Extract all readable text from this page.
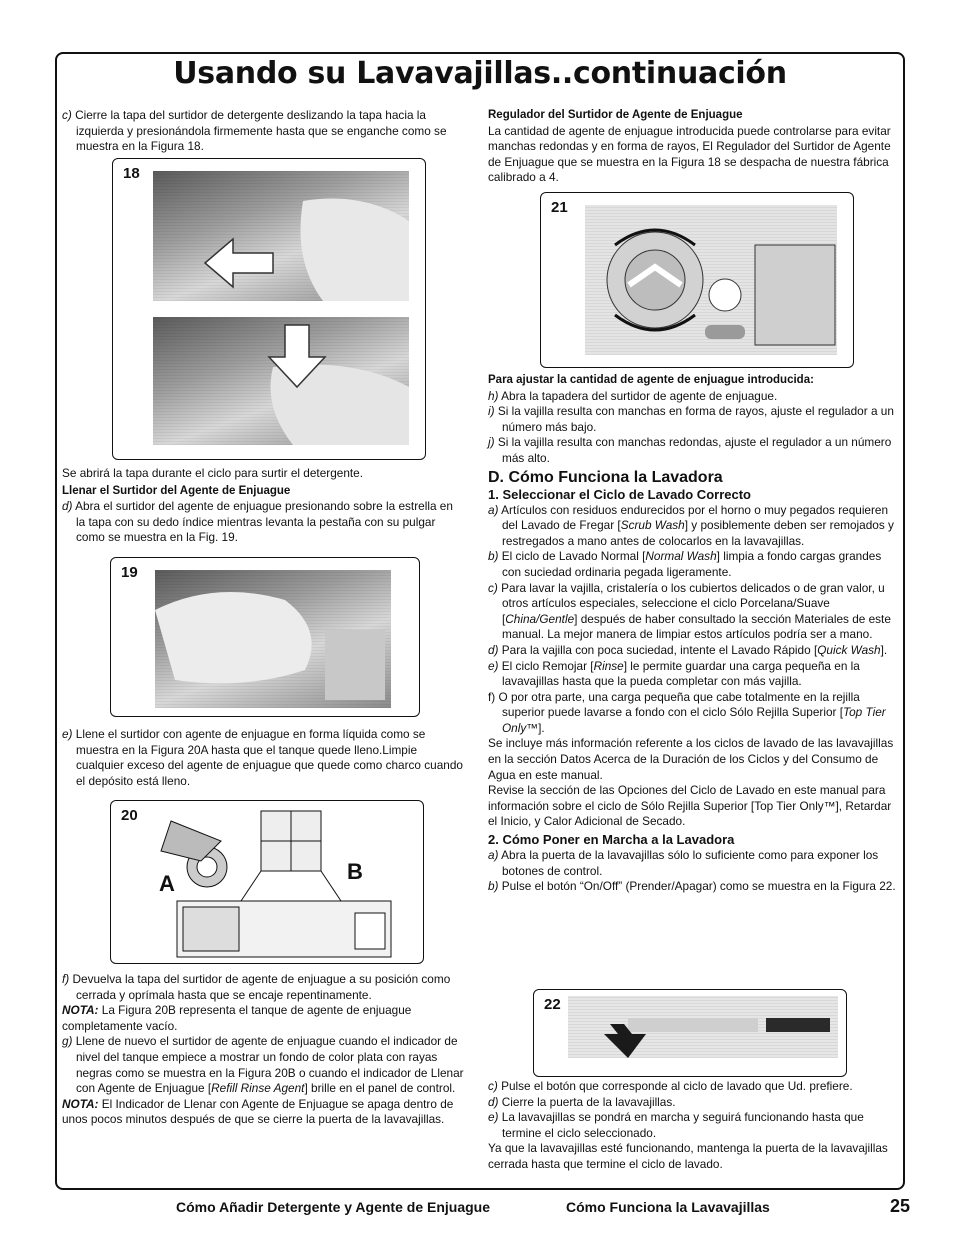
Usando su Lavavajillas..continuación

c) Cierre la tapa del surtidor de detergente deslizando la tapa hacia la izquierda y presionándola firmemente hasta que se enganche como se muestra en la Figura 18.

18

Se abrirá la tapa durante el ciclo para surtir el detergente.

Llenar el Surtidor del Agente de Enjuague

d) Abra el surtidor del agente de enjuague presionando sobre la estrella en la tapa con su dedo índice mientras levanta la pestaña con su pulgar como se muestra en la Fig. 19.

19

e) Llene el surtidor con agente de enjuague en forma líquida como se muestra en la Figura 20A hasta que el tanque quede lleno.Limpie cualquier exceso del agente de enjuague que quede como charco cuando el depósito está lleno.

20
A	B

f) Devuelva la tapa del surtidor de agente de enjuague a su posición como cerrada y oprímala hasta que se encaje repentinamente.

NOTA: La Figura 20B representa el tanque de agente de enjuague completamente vacío.

g) Llene de nuevo el surtidor de agente de enjuague cuando el indicador de nivel del tanque empiece a mostrar un fondo de color plata con rayas negras como se muestra en la Figura 20B o cuando el indicador de Llenar con Agente de Enjuague [Refill Rinse Agent] brille en el panel de control.

NOTA: El Indicador de Llenar con Agente de Enjuague se apaga dentro de unos pocos minutos después de que se cierre la puerta de la lavavajillas.

Regulador del Surtidor de Agente de Enjuague

La cantidad de agente de enjuague introducida puede controlarse para evitar manchas redondas y en forma de rayos, El Regulador del Surtidor de Agente de Enjuague que se muestra en la Figura 18 se despacha de nuestra fábrica calibrado a 4.

21

Para ajustar la cantidad de agente de enjuague introducida:

h) Abra la tapadera del surtidor de agente de enjuague.

i) Si la vajilla resulta con manchas en forma de rayos, ajuste el regulador a un número más bajo.

j) Si la vajilla resulta con manchas redondas, ajuste el regulador a un número más alto.

D. Cómo Funciona la Lavadora

1. Seleccionar el Ciclo de Lavado Correcto

a) Artículos con residuos endurecidos por el horno o muy pegados requieren del Lavado de Fregar [Scrub Wash] y posiblemente deben ser remojados y restregados a mano antes de colocarlos en la lavavajillas.

b) El ciclo de Lavado Normal [Normal Wash] limpia a fondo cargas grandes con suciedad ordinaria pegada ligeramente.

c) Para lavar la vajilla, cristalería o los cubiertos delicados o de gran valor, u otros artículos especiales, seleccione el ciclo Porcelana/Suave [China/Gentle] después de haber consultado la sección Materiales de este manual. La mejor manera de limpiar estos artículos podría ser a mano.

d) Para la vajilla con poca suciedad, intente el Lavado Rápido [Quick Wash].

e) El ciclo Remojar [Rinse] le permite guardar una carga pequeña en la lavavajillas hasta que la pueda completar con más vajilla.

f) O por otra parte, una carga pequeña que cabe totalmente en la rejilla superior puede lavarse a fondo con el ciclo Sólo Rejilla Superior [Top Tier Only™].

Se incluye más información referente a los ciclos de lavado de las lavavajillas en la sección Datos Acerca de la Duración de los Ciclos y del Consumo de Agua en este manual.

Revise la sección de las Opciones del Ciclo de Lavado en este manual para información sobre el ciclo de Sólo Rejilla Superior [Top Tier Only™], Retardar el Inicio, y Calor Adicional de Secado.

2. Cómo Poner en Marcha a la Lavadora

a) Abra la puerta de la lavavajillas sólo lo suficiente como para exponer los botones de control.

b) Pulse el botón “On/Off” (Prender/Apagar) como se muestra en la Figura 22.

22

c) Pulse el botón que corresponde al ciclo de lavado que Ud. prefiere.

d) Cierre la puerta de la lavavajillas.

e) La lavavajillas se pondrá en marcha y seguirá funcionando hasta que termine el ciclo seleccionado.

Ya que la lavavajillas esté funcionando, mantenga la puerta de la lavavajillas cerrada hasta que termine el ciclo de lavado.

Cómo Añadir Detergente y Agente de Enjuague	Cómo Funciona la Lavavajillas	25
